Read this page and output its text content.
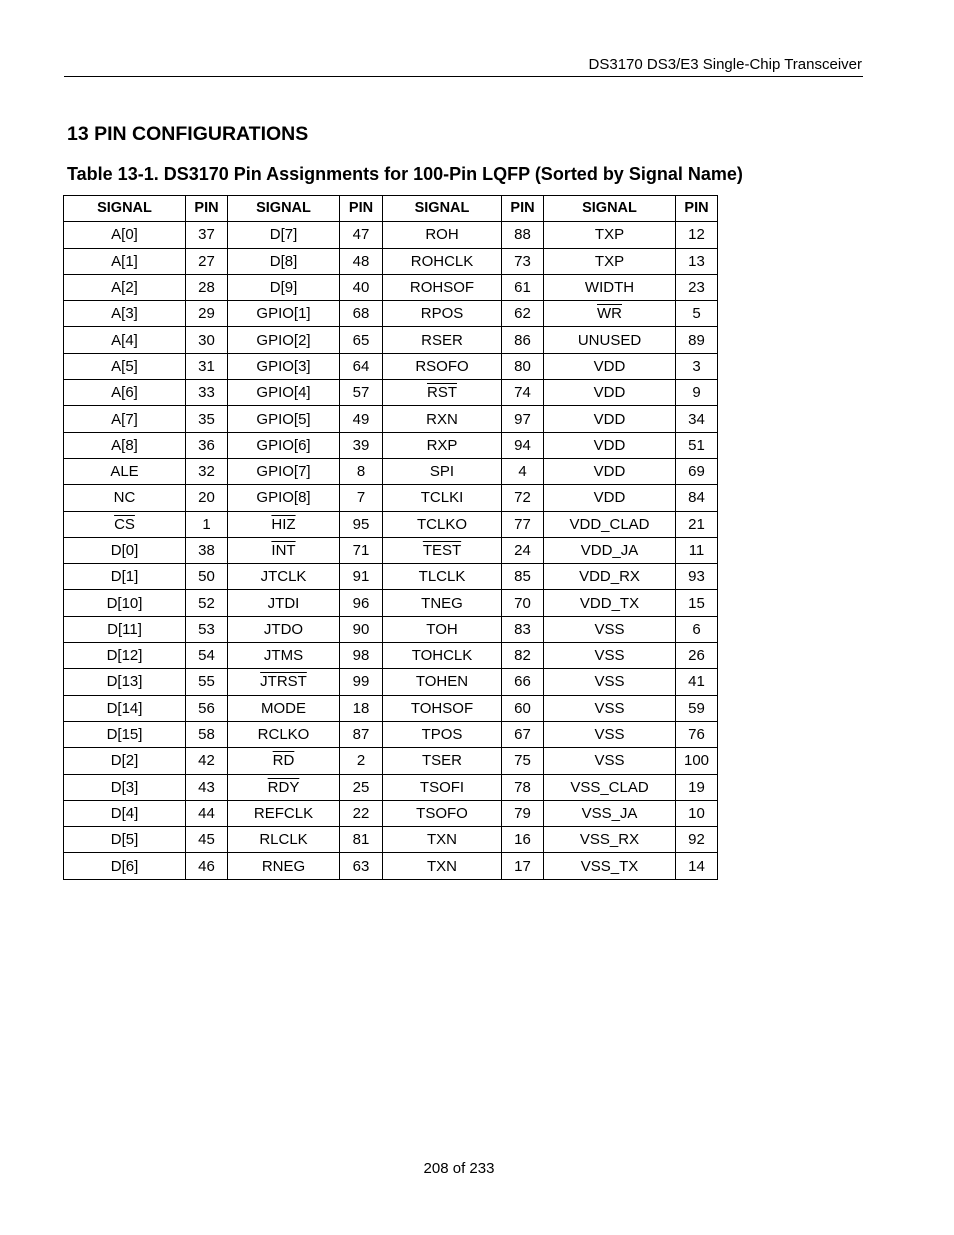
DS3170 DS3/E3 Single-Chip Transceiver
13 PIN CONFIGURATIONS
Table 13-1. DS3170 Pin Assignments for 100-Pin LQFP (Sorted by Signal Name)
SIGNAL	PIN	SIGNAL	PIN	SIGNAL	PIN	SIGNAL	PIN
A[0]	37	D[7]	47	ROH	88	TXP	12
A[1]	27	D[8]	48	ROHCLK	73	TXP	13
A[2]	28	D[9]	40	ROHSOF	61	WIDTH	23
A[3]	29	GPIO[1]	68	RPOS	62	$\overline{WR}$	5
A[4]	30	GPIO[2]	65	RSER	86	UNUSED	89
A[5]	31	GPIO[3]	64	RSOFO	80	VDD	3
A[6]	33	GPIO[4]	57	$\overline{RST}$	74	VDD	9
A[7]	35	GPIO[5]	49	RXN	97	VDD	34
A[8]	36	GPIO[6]	39	RXP	94	VDD	51
ALE	32	GPIO[7]	8	SPI	4	VDD	69
NC	20	GPIO[8]	7	TCLKI	72	VDD	84
$\overline{CS}$	1	$\overline{HIZ}$	95	TCLKO	77	VDD_CLAD	21
D[0]	38	$\overline{INT}$	71	TEST	24	VDD_JA	11
D[1]	50	JTCLK	91	TLCLK	85	VDD_RX	93
D[10]	52	JTDI	96	TNEG	70	VDD_TX	15
D[11]	53	JTDO	90	TOH	83	VSS	6
D[12]	54	JTMS	98	TOHCLK	82	VSS	26
D[13]	55	JTRST	99	TOHEN	66	VSS	41
D[14]	56	MODE	18	TOHSOF	60	VSS	59
D[15]	58	RCLKO	87	TPOS	67	VSS	76
D[2]	42	$\overline{RD}$	2	TSER	75	VSS	100
D[3]	43	$\overline{RDY}$	25	TSOFI	78	VSS_CLAD	19
D[4]	44	REFCLK	22	TSOFO	79	VSS_JA	10
D[5]	45	RLCLK	81	TXN	16	VSS_RX	92
D[6]	46	RNEG	63	TXN	17	VSS_TX	14
208 of 233
